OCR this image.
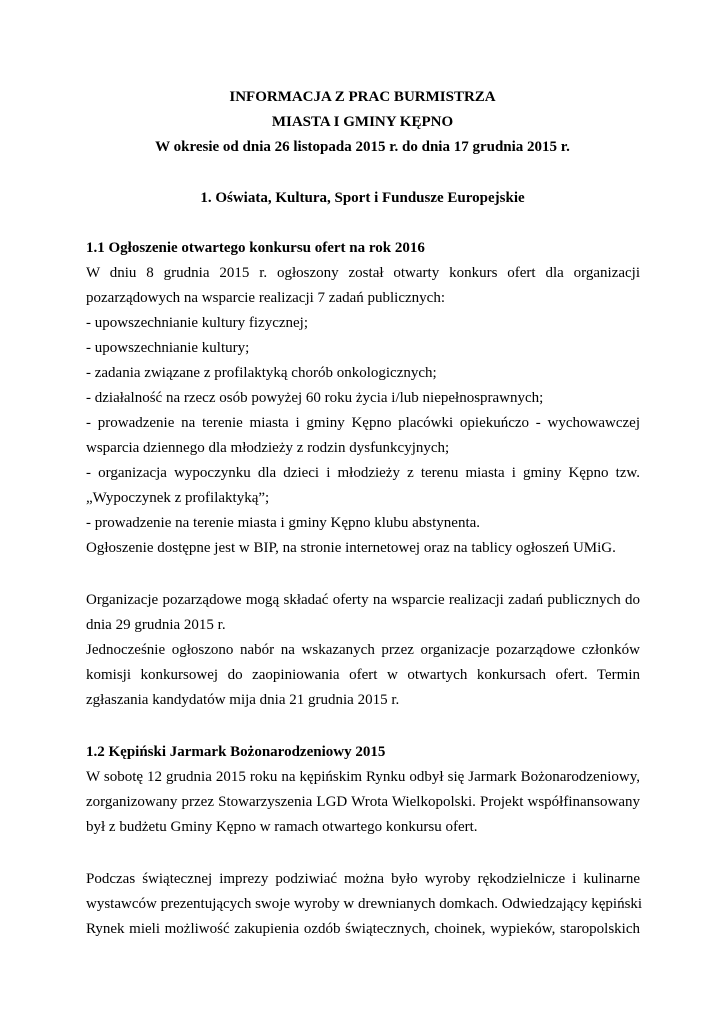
INFORMACJA Z PRAC BURMISTRZA
MIASTA I GMINY KĘPNO
W okresie od dnia 26 listopada 2015 r. do dnia 17 grudnia 2015 r.
1. Oświata, Kultura, Sport i Fundusze Europejskie
1.1 Ogłoszenie otwartego konkursu ofert na rok 2016
W dniu 8 grudnia 2015 r. ogłoszony został otwarty konkurs ofert dla organizacji
pozarządowych na wsparcie realizacji 7 zadań publicznych:
- upowszechnianie kultury fizycznej;
- upowszechnianie kultury;
- zadania związane z profilaktyką chorób onkologicznych;
- działalność na rzecz osób powyżej 60 roku życia i/lub niepełnosprawnych;
- prowadzenie na terenie miasta i gminy Kępno placówki opiekuńczo - wychowawczej
wsparcia dziennego dla młodzieży z rodzin dysfunkcyjnych;
- organizacja wypoczynku dla dzieci i młodzieży z terenu miasta i gminy Kępno tzw.
„Wypoczynek z profilaktyką”;
- prowadzenie na terenie miasta i gminy Kępno klubu abstynenta.
Ogłoszenie dostępne jest w BIP, na stronie internetowej oraz na tablicy ogłoszeń UMiG.
Organizacje pozarządowe mogą składać oferty na wsparcie realizacji zadań publicznych do
dnia 29 grudnia 2015 r.
Jednocześnie ogłoszono nabór na wskazanych przez organizacje pozarządowe członków
komisji konkursowej do zaopiniowania ofert w otwartych konkursach ofert. Termin
zgłaszania kandydatów mija dnia 21 grudnia 2015 r.
1.2 Kępiński Jarmark Bożonarodzeniowy 2015
W sobotę 12 grudnia 2015 roku na kępińskim Rynku odbył się Jarmark Bożonarodzeniowy,
zorganizowany przez Stowarzyszenia LGD Wrota Wielkopolski. Projekt współfinansowany
był z budżetu Gminy Kępno w ramach otwartego konkursu ofert.
Podczas świątecznej imprezy podziwiać można było wyroby rękodzielnicze i kulinarne
wystawców prezentujących swoje wyroby w drewnianych domkach. Odwiedzający kępiński
Rynek mieli możliwość zakupienia ozdób świątecznych, choinek, wypieków, staropolskich
